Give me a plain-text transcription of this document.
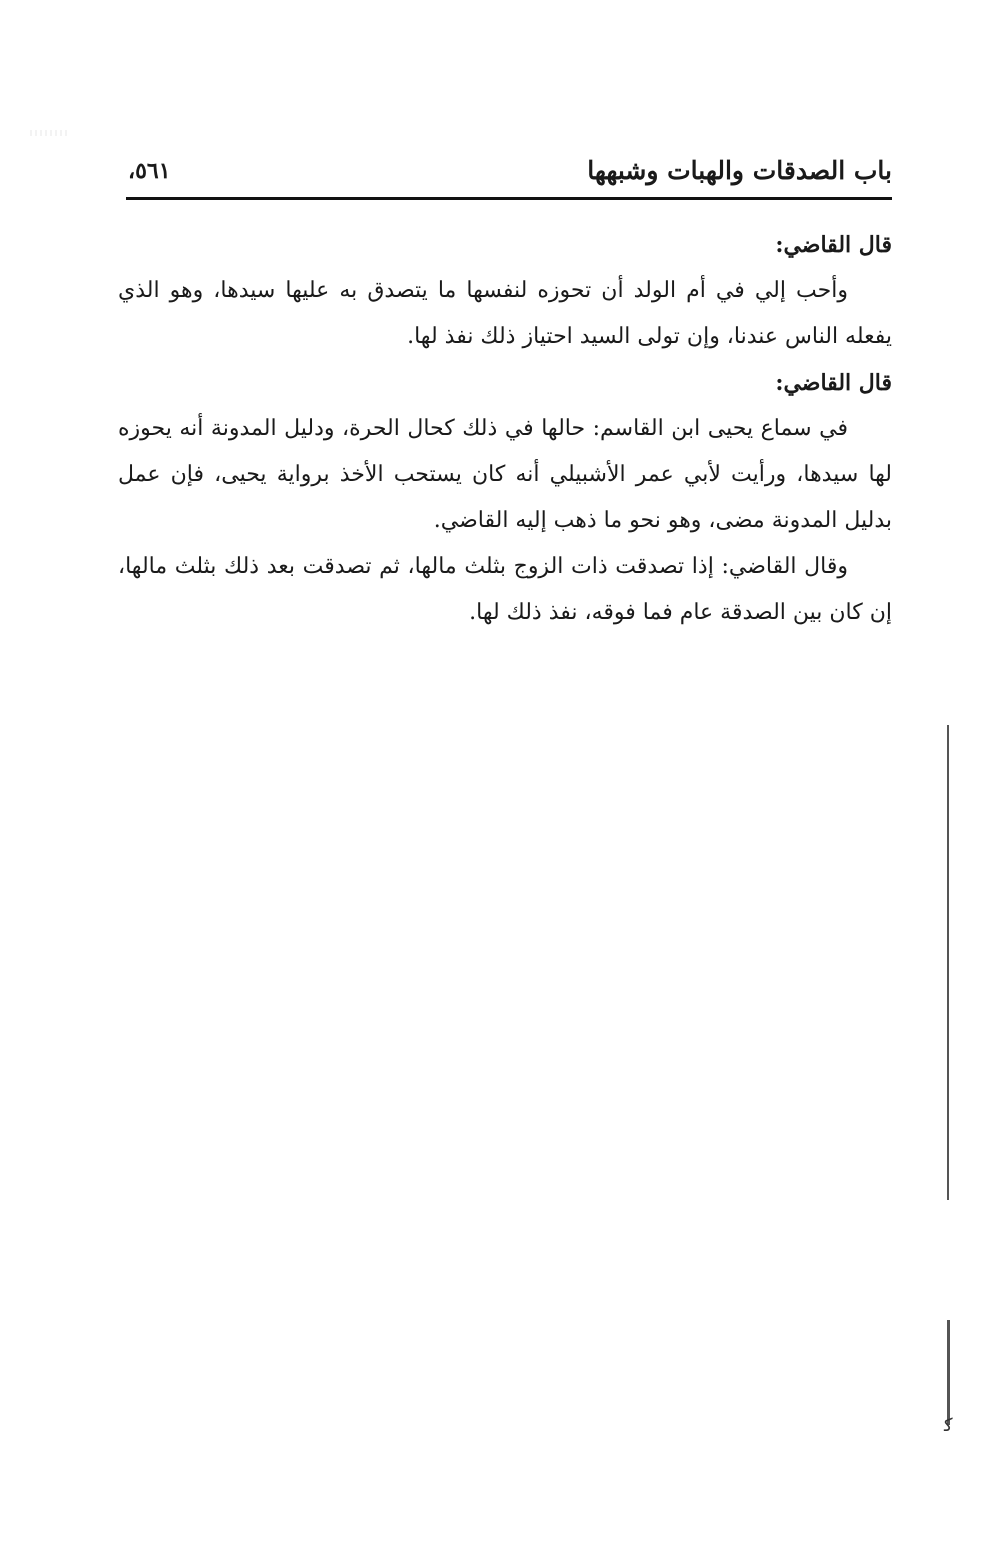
باب الصدقات والهبات وشبهها
٥٦١،

قال القاضي:

وأحب إلي في أم الولد أن تحوزه لنفسها ما يتصدق به عليها سيدها، وهو الذي يفعله الناس عندنا، وإن تولى السيد احتياز ذلك نفذ لها.

قال القاضي:

في سماع يحيى ابن القاسم: حالها في ذلك كحال الحرة، ودليل المدونة أنه يحوزه لها سيدها، ورأيت لأبي عمر الأشبيلي أنه كان يستحب الأخذ برواية يحيى، فإن عمل بدليل المدونة مضى، وهو نحو ما ذهب إليه القاضي.

وقال القاضي: إذا تصدقت ذات الزوج بثلث مالها، ثم تصدقت بعد ذلك بثلث مالها، إن كان بين الصدقة عام فما فوقه، نفذ ذلك لها.

ﻛ
